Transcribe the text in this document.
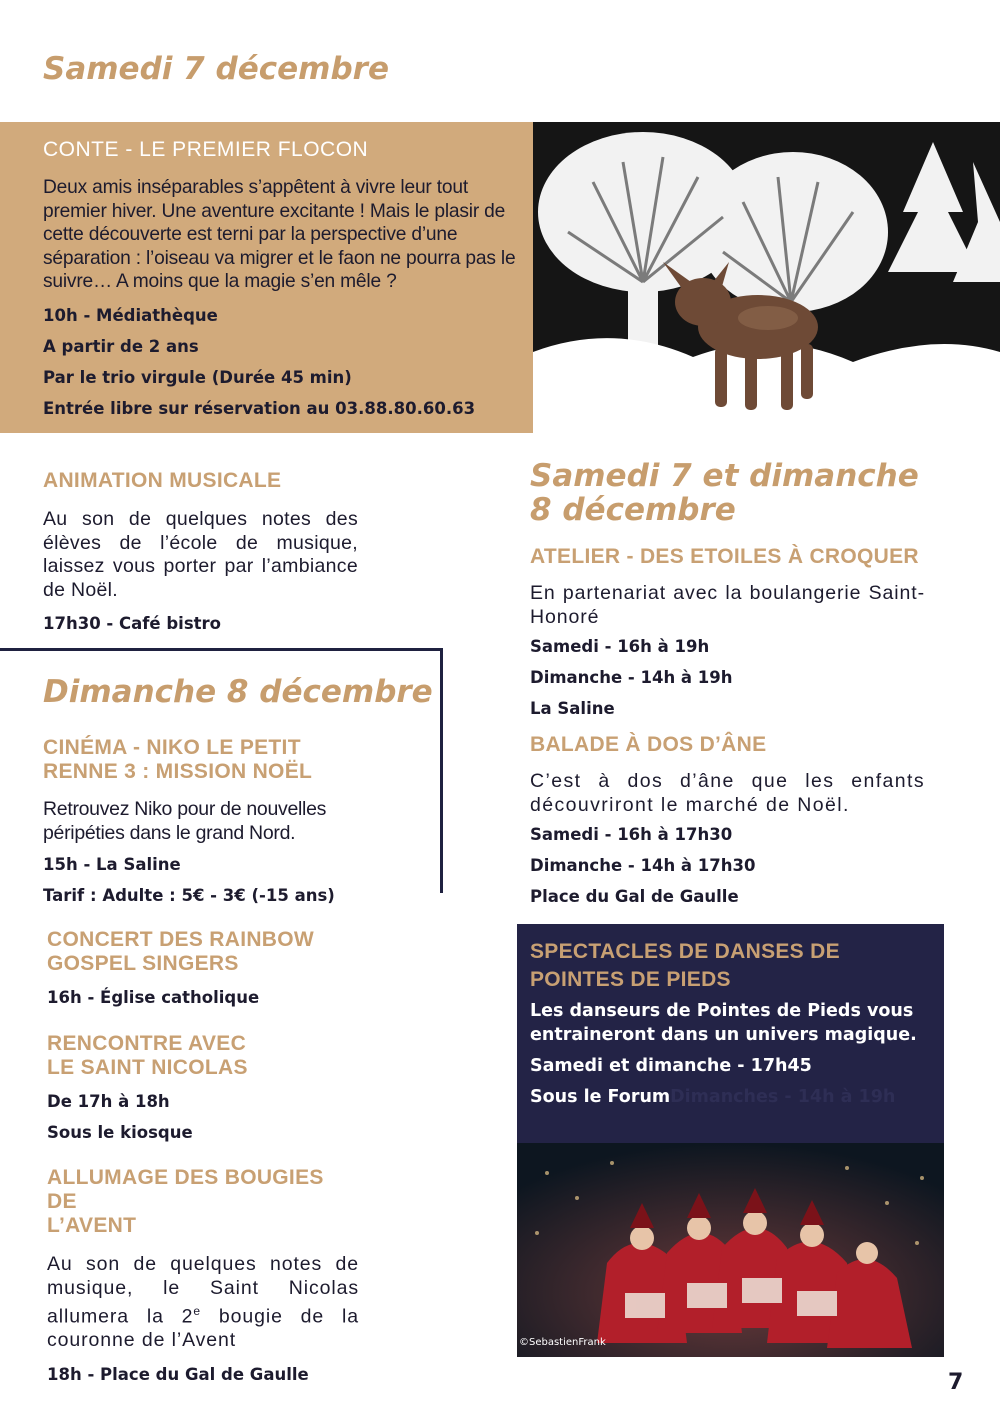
Samedi 7 décembre
CONTE - LE PREMIER FLOCON

Deux amis inséparables s’appêtent à vivre leur tout premier hiver. Une aventure excitante ! Mais le plasir de cette découverte est terni par la perspective d’une séparation : l’oiseau va migrer et le faon ne pourra pas le suivre… A moins que la magie s’en mêle ?

10h - Médiathèque

A partir de 2 ans

Par le trio virgule (Durée 45 min)

Entrée libre sur réservation au 03.88.80.60.63

ANIMATION MUSICALE

Au son de quelques notes des élèves de l’école de musique, laissez vous porter par l’ambiance de Noël.

17h30 - Café bistro

Dimanche 8 décembre
CINÉMA - NIKO LE PETIT
RENNE 3 : MISSION NOËL

Retrouvez Niko pour de nouvelles péripéties dans le grand Nord.

15h - La Saline

Tarif : Adulte : 5€ - 3€ (-15 ans)

CONCERT DES RAINBOW
GOSPEL SINGERS

16h - Église catholique

RENCONTRE AVEC
LE SAINT NICOLAS

De 17h à 18h

Sous le kiosque

ALLUMAGE DES BOUGIES DE
L’AVENT

Au son de quelques notes de musique, le Saint Nicolas allumera la 2e bougie de la couronne de l’Avent

18h - Place du Gal de Gaulle

Samedi 7 et dimanche
8 décembre
ATELIER - DES ETOILES À CROQUER

En partenariat avec la boulangerie Saint-Honoré

Samedi - 16h à 19h

Dimanche - 14h à 19h

La Saline

BALADE À DOS D’ÂNE

C’est à dos d’âne que les enfants découvriront le marché de Noël.

Samedi - 16h à 17h30

Dimanche - 14h à 17h30

Place du Gal de Gaulle

SPECTACLES DE DANSES DE POINTES DE PIEDS

Les danseurs de Pointes de Pieds vous entraineront dans un univers magique.

Samedi et dimanche - 17h45

Sous le ForumDimanches - 14h à 19h

©SebastienFrank
7
